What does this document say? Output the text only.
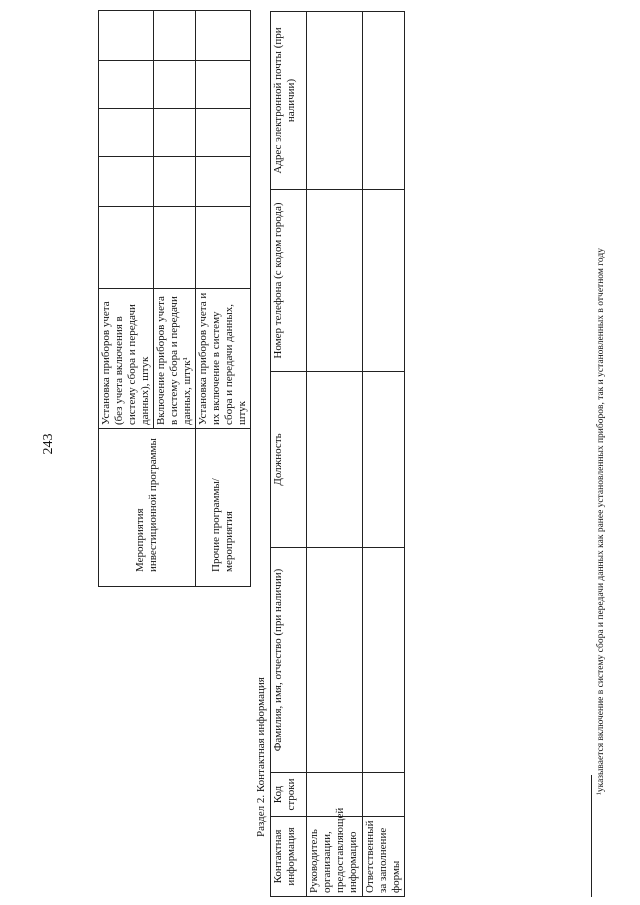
243
Мероприятия инвестиционной программы	Установка приборов учета (без учета включения в систему сбора и передачи данных), штук					
	Включение приборов учета в систему сбора и передачи данных, штук¹					
Прочие программы/мероприятия	Установка приборов учета и их включение в систему сбора и передачи данных, штук					
Раздел 2. Контактная информация
Контактная информация	Код строки	Фамилия, имя, отчество (при наличии)	Должность	Номер телефона (с кодом города)	Адрес электронной почты (при наличии)
Руководитель организации, предоставляющей информацию					
Ответственный за заполнение формы					
¹указывается включение в систему сбора и передачи данных как ранее установленных приборов, так и установленных в отчетном году
